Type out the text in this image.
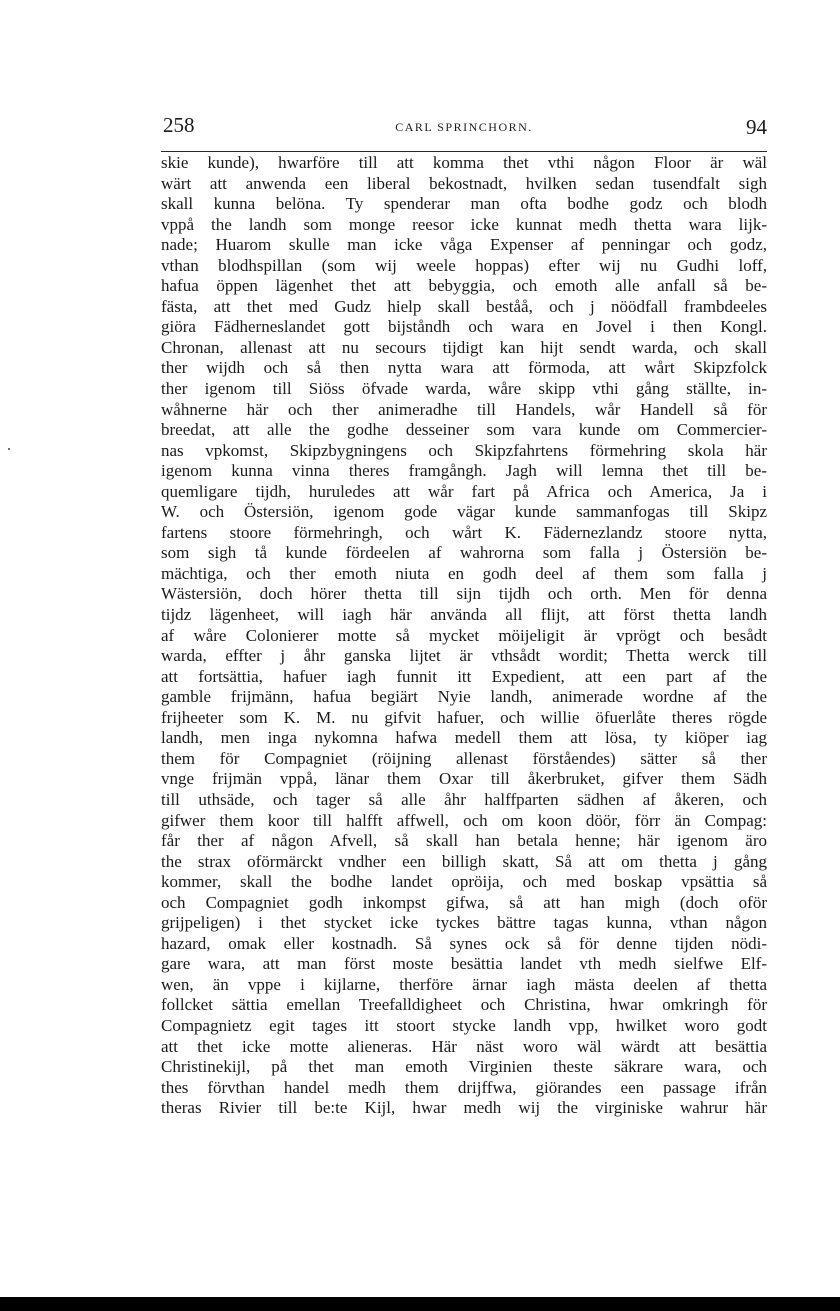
258	CARL SPRINCHORN.	94
skie kunde), hwarföre till att komma thet vthi någon Floor är wäl
wärt att anwenda een liberal bekostnadt, hvilken sedan tusendfalt sigh
skall kunna belöna. Ty spenderar man ofta bodhe godz och blodh
vppå the landh som monge reesor icke kunnat medh thetta wara lijk-
nade; Huarom skulle man icke våga Expenser af penningar och godz,
vthan blodhspillan (som wij weele hoppas) efter wij nu Gudhi loff,
hafua öppen lägenhet thet att bebyggia, och emoth alle anfall så be-
fästa, att thet med Gudz hielp skall beståå, och j nöödfall frambdeeles
giöra Fädherneslandet gott bijståndh och wara en Jovel i then Kongl.
Chronan, allenast att nu secours tijdigt kan hijt sendt warda, och skall
ther wijdh och så then nytta wara att förmoda, att wårt Skipzfolck
ther igenom till Siöss öfvade warda, wåre skipp vthi gång ställte, in-
wåhnerne här och ther animeradhe till Handels, wår Handell så för
breedat, att alle the godhe desseiner som vara kunde om Commercier-
nas vpkomst, Skipzbygningens och Skipzfahrtens förmehring skola här
igenom kunna vinna theres framgångh. Jagh will lemna thet till be-
quemligare tijdh, huruledes att wår fart på Africa och America, Ja i
W. och Östersiön, igenom gode vägar kunde sammanfogas till Skipz
fartens stoore förmehringh, och wårt K. Fädernezlandz stoore nytta,
som sigh tå kunde fördeelen af wahrorna som falla j Östersiön be-
mächtiga, och ther emoth niuta en godh deel af them som falla j
Wästersiön, doch hörer thetta till sijn tijdh och orth. Men för denna
tijdz lägenheet, will iagh här använda all flijt, att först thetta landh
af wåre Colonierer motte så mycket möijeligit är vprögt och besådt
warda, effter j åhr ganska lijtet är vthsådt wordit; Thetta werck till
att fortsättia, hafuer iagh funnit itt Expedient, att een part af the
gamble frijmänn, hafua begiärt Nyie landh, animerade wordne af the
frijheeter som K. M. nu gifvit hafuer, och willie öfuerlåte theres rögde
landh, men inga nykomna hafwa medell them att lösa, ty kiöper iag
them för Compagniet (röijning allenast förståendes) sätter så ther
vnge frijmän vppå, länar them Oxar till åkerbruket, gifver them Sädh
till uthsäde, och tager så alle åhr halffparten sädhen af åkeren, och
gifwer them koor till halfft affwell, och om koon döör, förr än Compag:
får ther af någon Afvell, så skall han betala henne; här igenom äro
the strax oförmärckt vndher een billigh skatt, Så att om thetta j gång
kommer, skall the bodhe landet opröija, och med boskap vpsättia så
och Compagniet godh inkompst gifwa, så att han migh (doch oför
grijpeligen) i thet stycket icke tyckes bättre tagas kunna, vthan någon
hazard, omak eller kostnadh. Så synes ock så för denne tijden nödi-
gare wara, att man först moste besättia landet vth medh sielfwe Elf-
wen, än vppe i kijlarne, therföre ärnar iagh mästa deelen af thetta
follcket sättia emellan Treefalldigheet och Christina, hwar omkringh för
Compagnietz egit tages itt stoort stycke landh vpp, hwilket woro godt
att thet icke motte alieneras. Här näst woro wäl wärdt att besättia
Christinekijl, på thet man emoth Virginien theste säkrare wara, och
thes förvthan handel medh them drijffwa, giörandes een passage ifrån
theras Rivier till be:te Kijl, hwar medh wij the virginiske wahrur här
